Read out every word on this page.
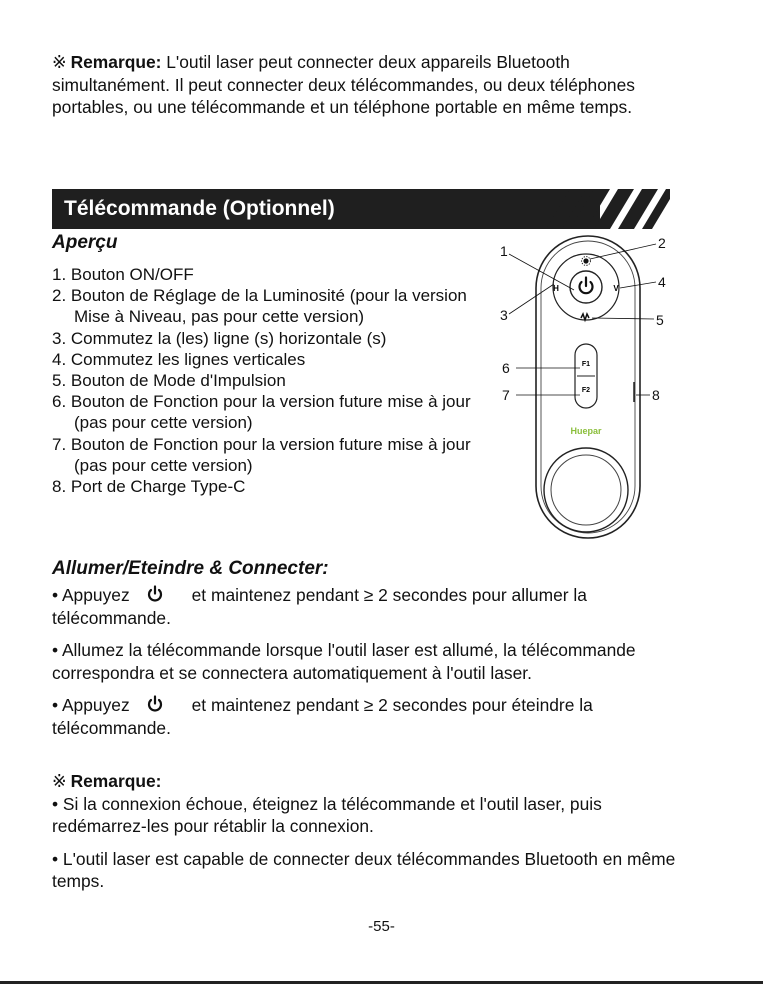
※ Remarque: L'outil laser peut connecter deux appareils Bluetooth simultanément. Il peut connecter deux télécommandes, ou deux téléphones portables, ou une télécommande et un téléphone portable en même temps.
Télécommande (Optionnel)
Aperçu
1. Bouton ON/OFF
2. Bouton de Réglage de la Luminosité (pour la version Mise à Niveau, pas pour cette version)
3. Commutez la (les) ligne (s) horizontale (s)
4. Commutez les lignes verticales
5. Bouton de Mode d'Impulsion
6. Bouton de Fonction pour la version future mise à jour (pas pour cette version)
7. Bouton de Fonction pour la version future mise à jour (pas pour cette version)
8. Port de Charge Type-C
H	V
F1
F2
Huepar
1	2
3
4
5
6
7	8
Allumer/Eteindre & Connecter:
• Appuyez	et maintenez pendant ≥ 2 secondes pour allumer la télécommande.
• Allumez la télécommande lorsque l'outil laser est allumé, la télécommande correspondra et se connectera automatiquement à l'outil laser.
• Appuyez	et maintenez pendant ≥ 2 secondes pour éteindre la télécommande.
※ Remarque:
• Si la connexion échoue, éteignez la télécommande et l'outil laser, puis redémarrez-les pour rétablir la connexion.
• L'outil laser est capable de connecter deux télécommandes Bluetooth en même temps.
-55-
